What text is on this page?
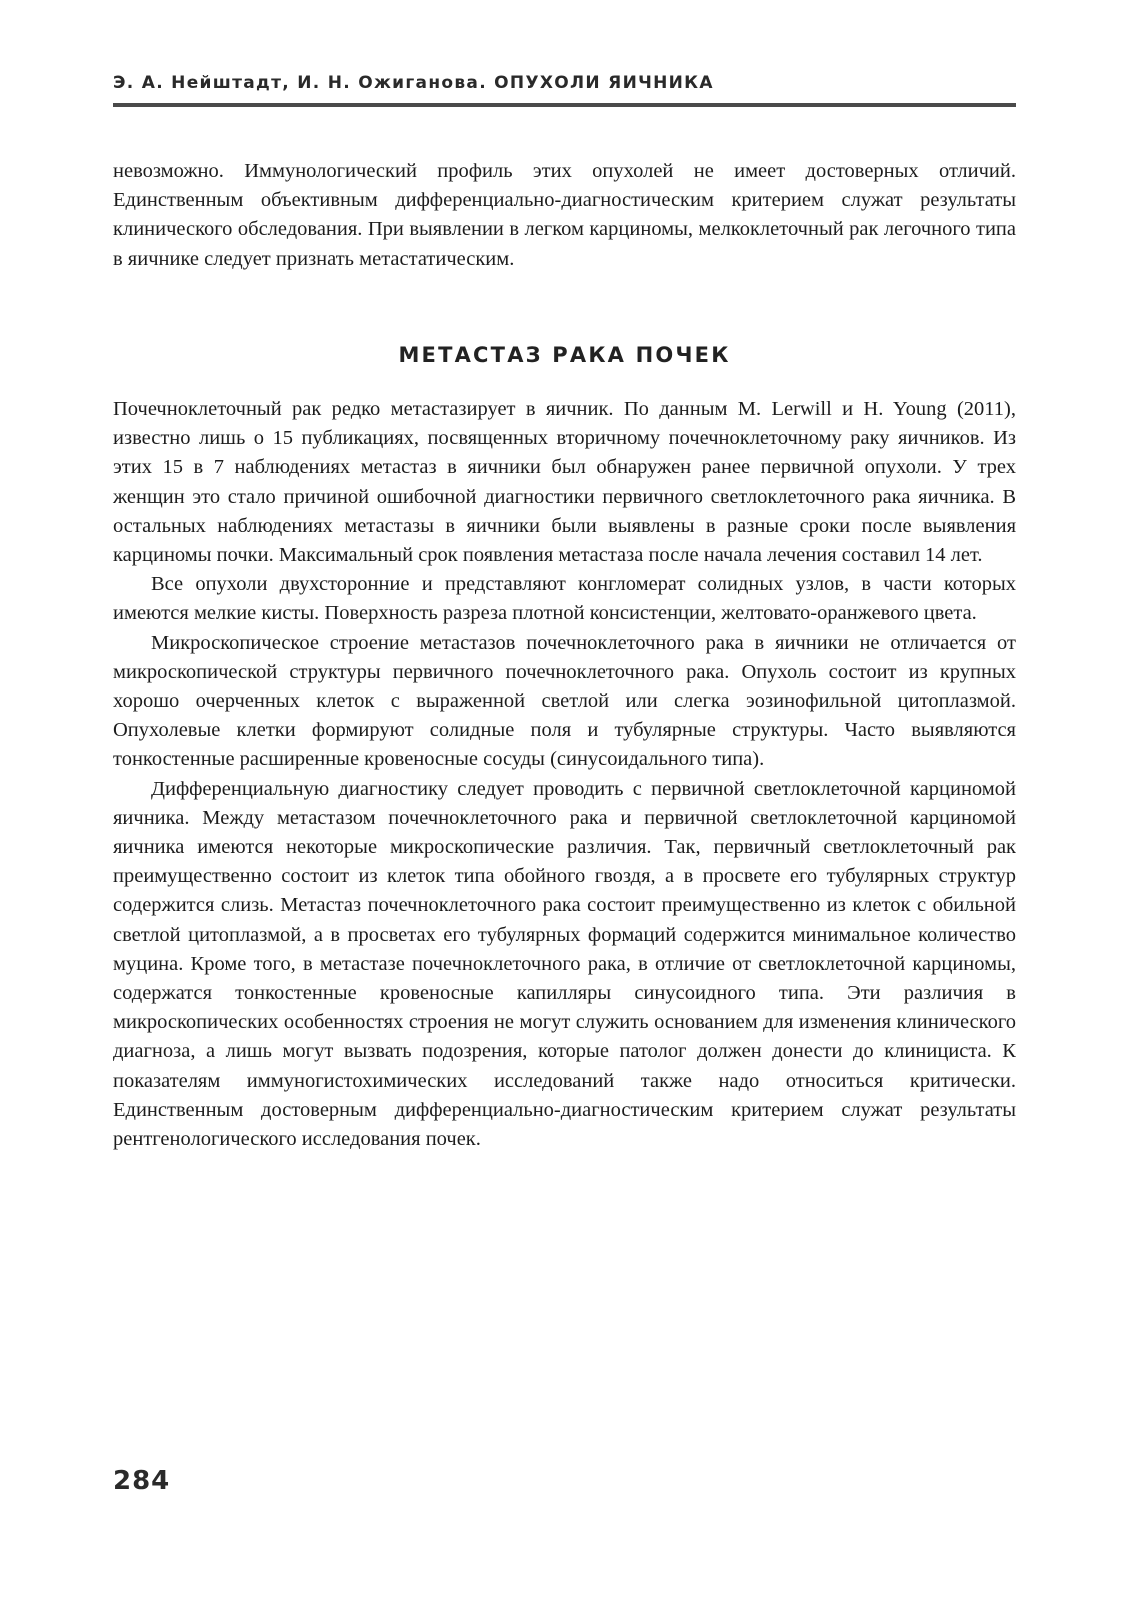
Э. А. Нейштадт, И. Н. Ожиганова. ОПУХОЛИ ЯИЧНИКА

невозможно. Иммунологический профиль этих опухолей не имеет достоверных отличий. Единственным объективным дифференциально-диагностическим критерием служат результаты клинического обследования. При выявлении в легком карциномы, мелкоклеточный рак легочного типа в яичнике следует признать метастатическим.

МЕТАСТАЗ РАКА ПОЧЕК

Почечноклеточный рак редко метастазирует в яичник. По данным M. Lerwill и H. Young (2011), известно лишь о 15 публикациях, посвященных вторичному почечноклеточному раку яичников. Из этих 15 в 7 наблюдениях метастаз в яичники был обнаружен ранее первичной опухоли. У трех женщин это стало причиной ошибочной диагностики первичного светлоклеточного рака яичника. В остальных наблюдениях метастазы в яичники были выявлены в разные сроки после выявления карциномы почки. Максимальный срок появления метастаза после начала лечения составил 14 лет.

Все опухоли двухсторонние и представляют конгломерат солидных узлов, в части которых имеются мелкие кисты. Поверхность разреза плотной консистенции, желтовато-оранжевого цвета.

Микроскопическое строение метастазов почечноклеточного рака в яичники не отличается от микроскопической структуры первичного почечноклеточного рака. Опухоль состоит из крупных хорошо очерченных клеток с выраженной светлой или слегка эозинофильной цитоплазмой. Опухолевые клетки формируют солидные поля и тубулярные структуры. Часто выявляются тонкостенные расширенные кровеносные сосуды (синусоидального типа).

Дифференциальную диагностику следует проводить с первичной светлоклеточной карциномой яичника. Между метастазом почечноклеточного рака и первичной светлоклеточной карциномой яичника имеются некоторые микроскопические различия. Так, первичный светлоклеточный рак преимущественно состоит из клеток типа обойного гвоздя, а в просвете его тубулярных структур содержится слизь. Метастаз почечноклеточного рака состоит преимущественно из клеток с обильной светлой цитоплазмой, а в просветах его тубулярных формаций содержится минимальное количество муцина. Кроме того, в метастазе почечноклеточного рака, в отличие от светлоклеточной карциномы, содержатся тонкостенные кровеносные капилляры синусоидного типа. Эти различия в микроскопических особенностях строения не могут служить основанием для изменения клинического диагноза, а лишь могут вызвать подозрения, которые патолог должен донести до клинициста. К показателям иммуногистохимических исследований также надо относиться критически. Единственным достоверным дифференциально-диагностическим критерием служат результаты рентгенологического исследования почек.

284
